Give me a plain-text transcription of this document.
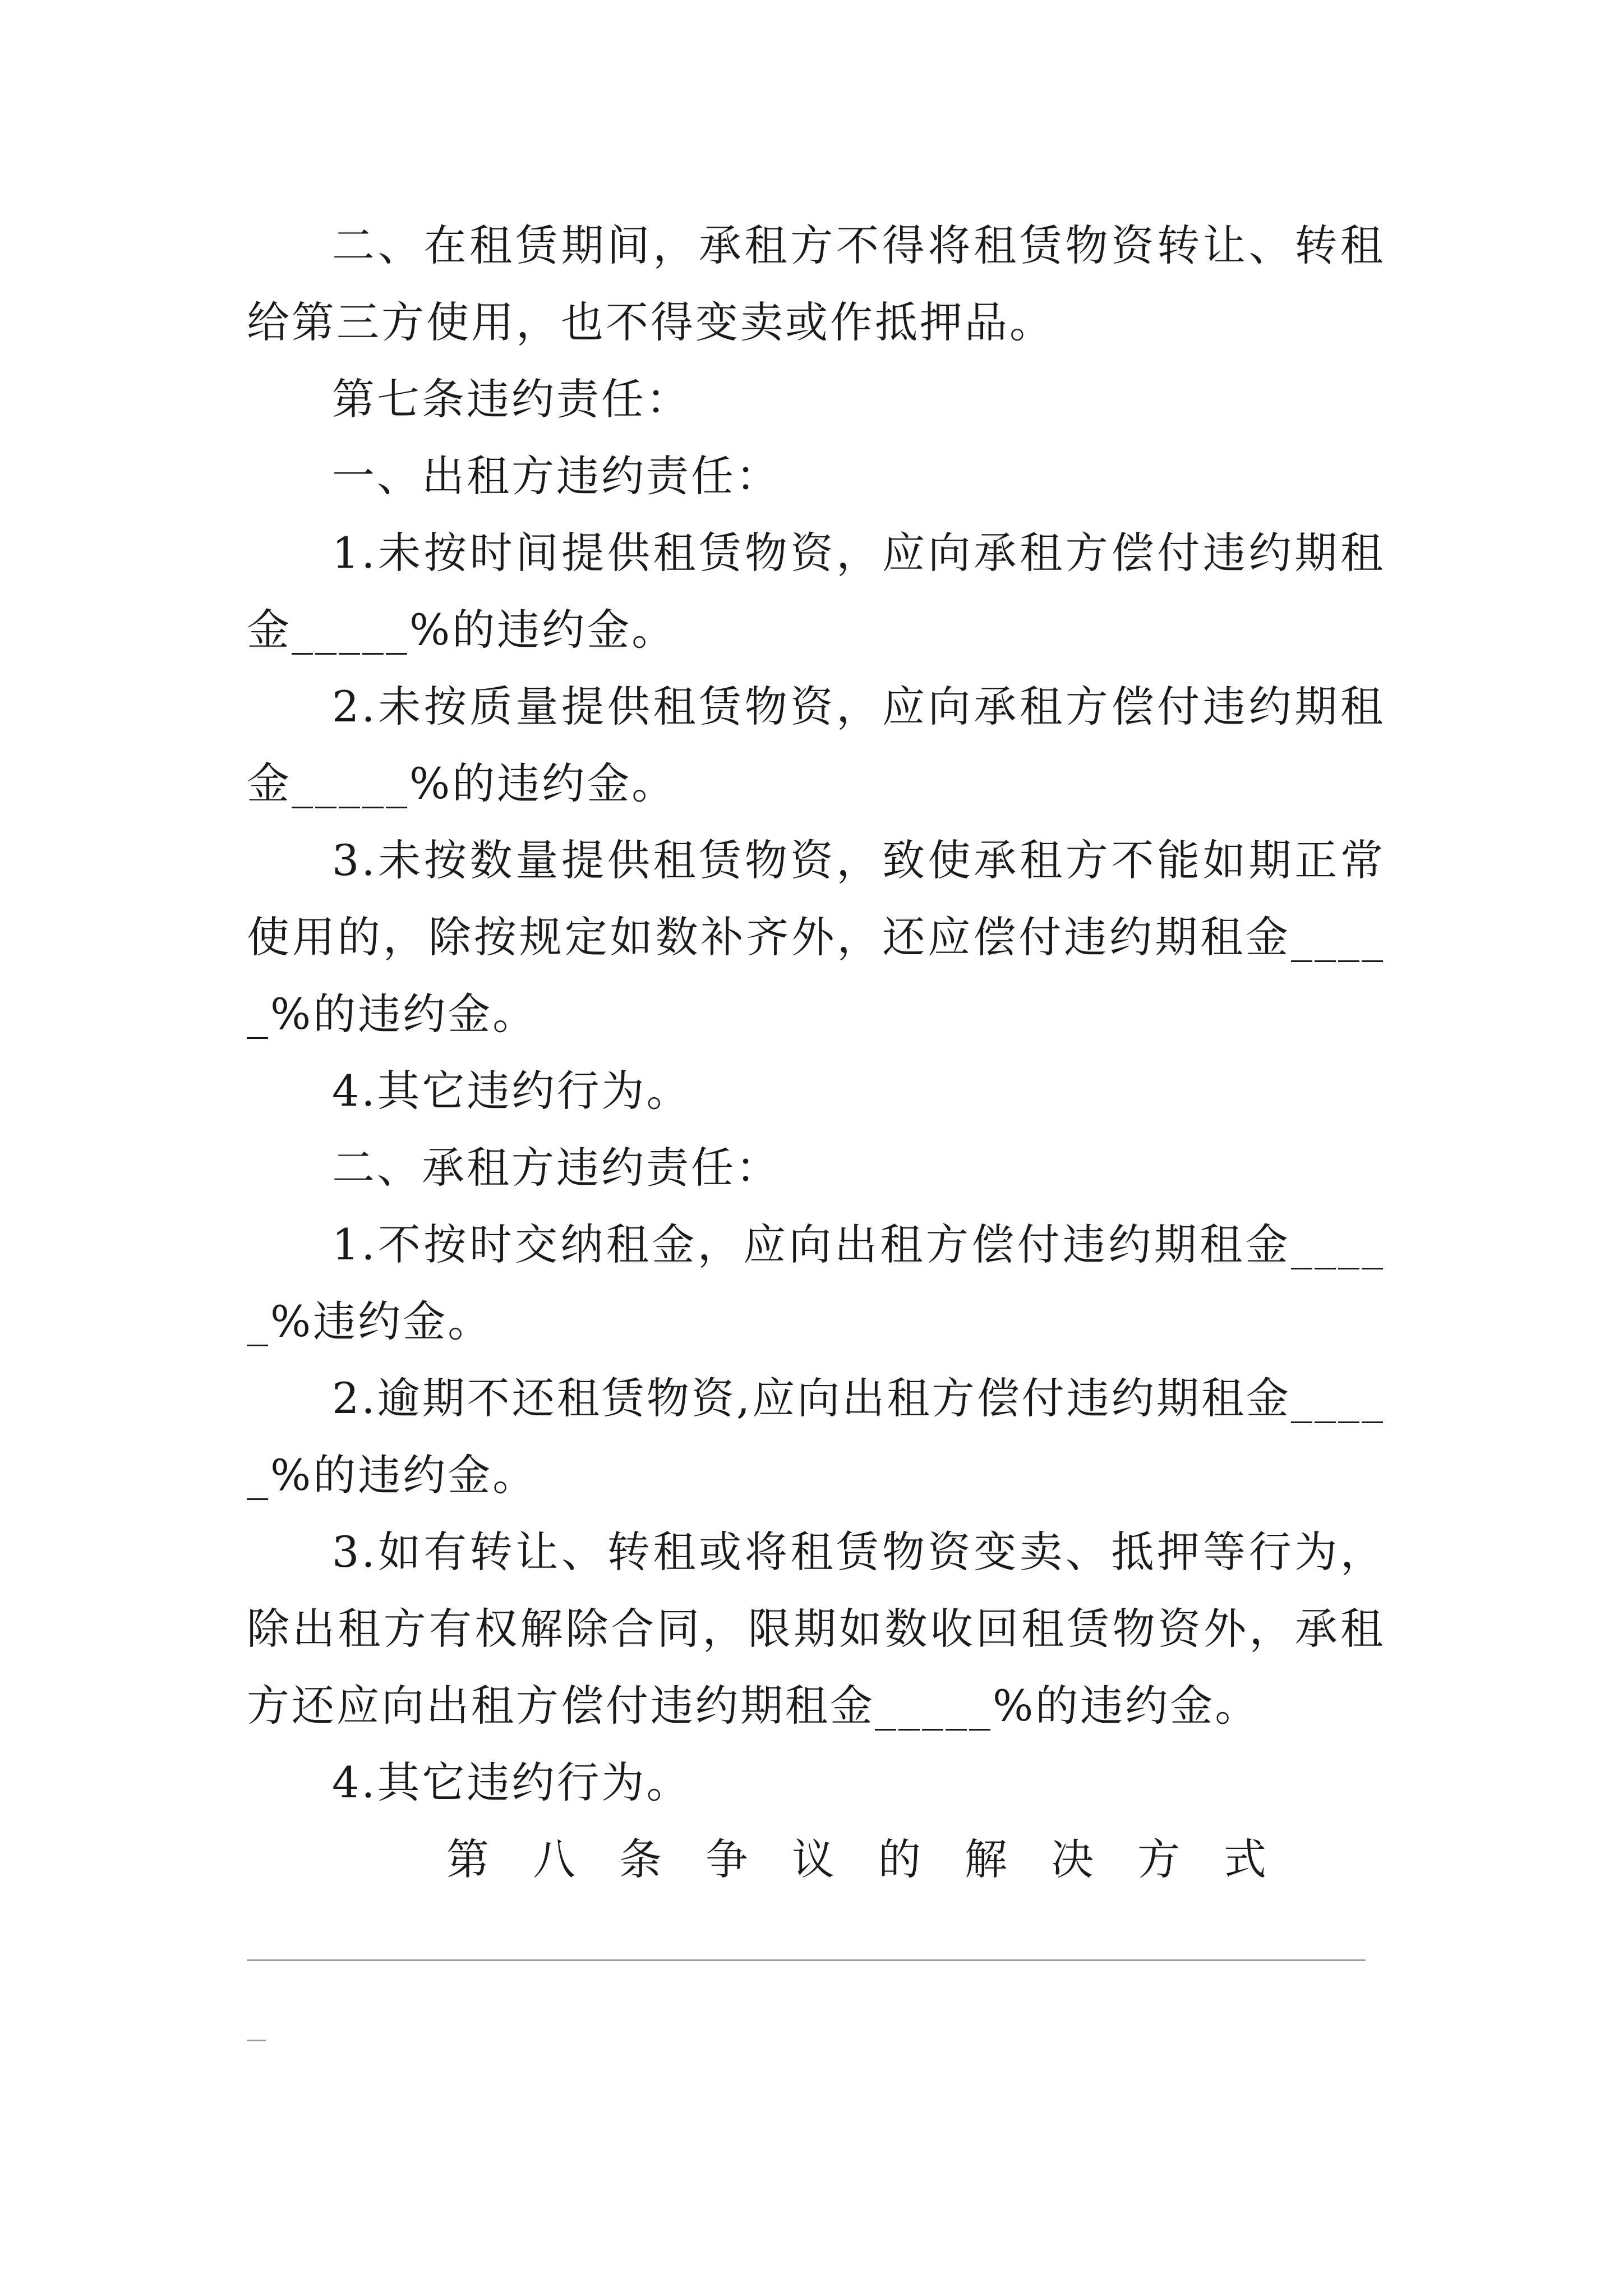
二、在租赁期间，承租方不得将租赁物资转让、转租给第三方使用，也不得变卖或作抵押品。

第七条违约责任：

一、出租方违约责任：

1.未按时间提供租赁物资，应向承租方偿付违约期租金_____%的违约金。

2.未按质量提供租赁物资，应向承租方偿付违约期租金_____%的违约金。

3.未按数量提供租赁物资，致使承租方不能如期正常使用的，除按规定如数补齐外，还应偿付违约期租金_____%的违约金。

4.其它违约行为。

二、承租方违约责任：

1.不按时交纳租金，应向出租方偿付违约期租金_____%违约金。

2.逾期不还租赁物资,应向出租方偿付违约期租金_____%的违约金。

3.如有转让、转租或将租赁物资变卖、抵押等行为，除出租方有权解除合同，限期如数收回租赁物资外，承租方还应向出租方偿付违约期租金_____%的违约金。

4.其它违约行为。

第八条争议的解决方式
